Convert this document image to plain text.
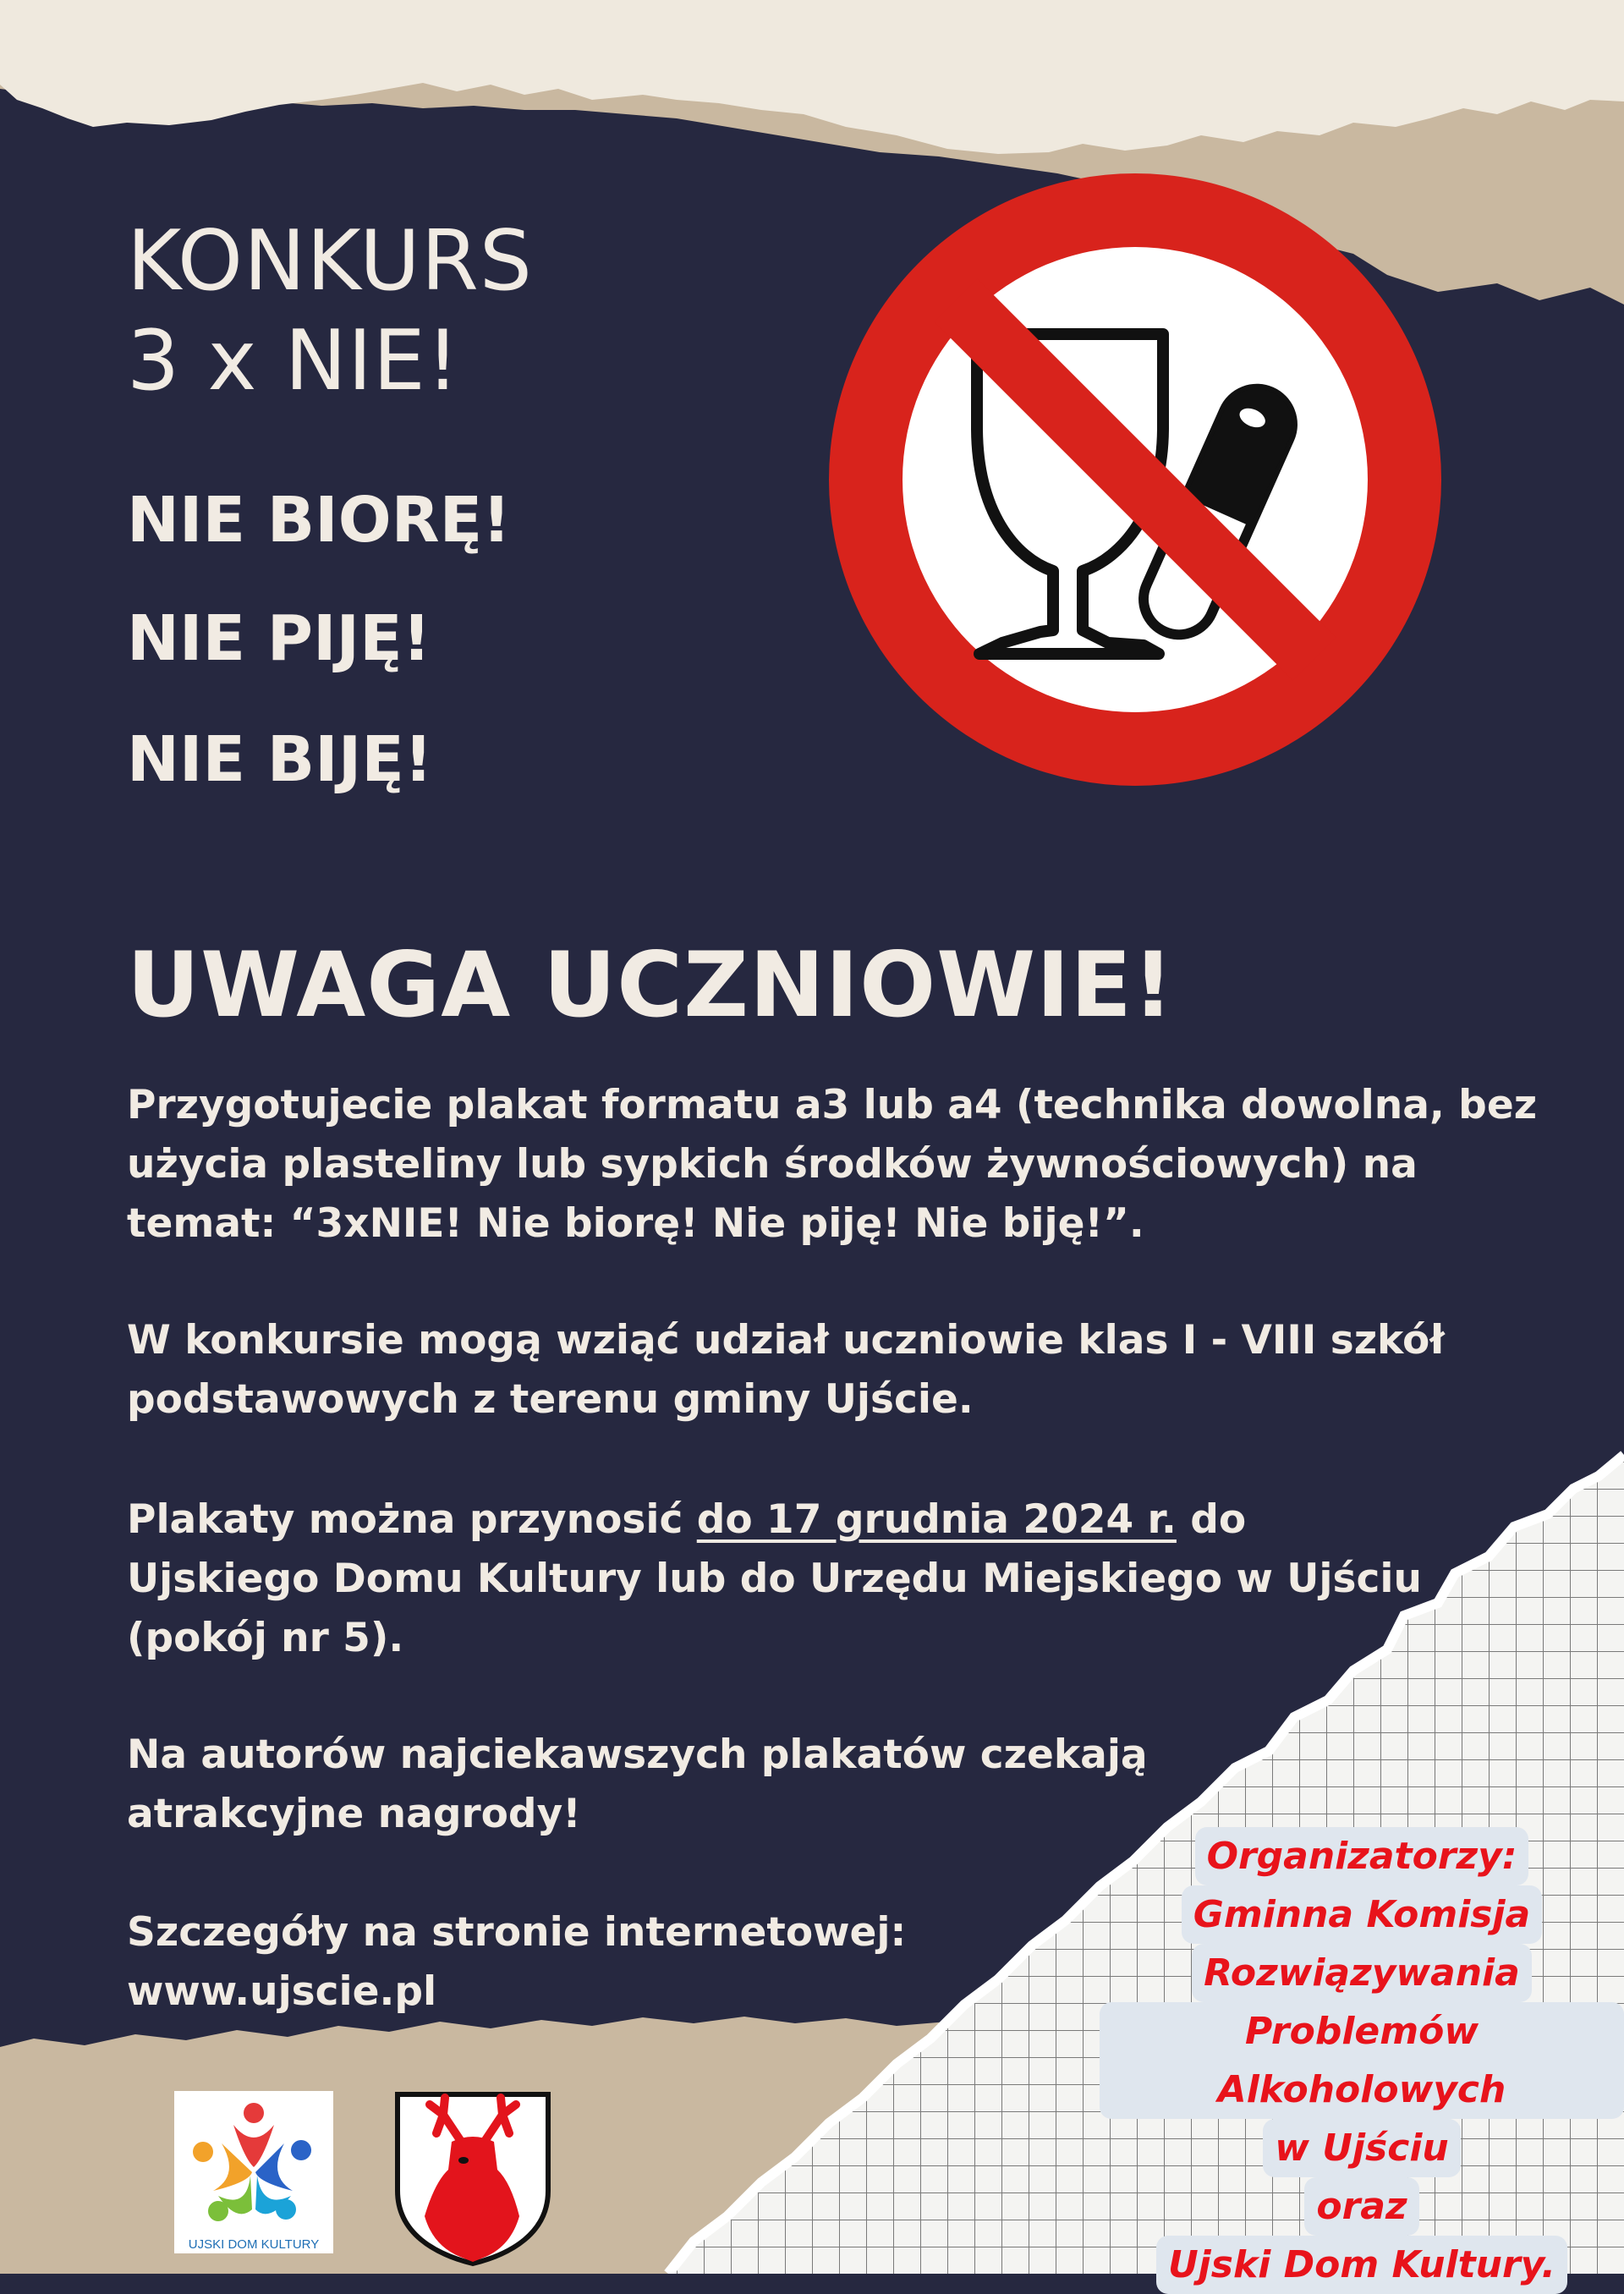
KONKURS
3 x NIE!
NIE BIORĘ!
NIE PIJĘ!
NIE BIJĘ!
UWAGA UCZNIOWIE!

Przygotujecie plakat formatu a3 lub a4 (technika dowolna, bez użycia plasteliny lub sypkich środków żywnościowych) na temat: “3xNIE! Nie biorę! Nie piję! Nie biję!”.

W konkursie mogą wziąć udział uczniowie klas I - VIII szkół podstawowych z terenu gminy Ujście.

Plakaty można przynosić do 17 grudnia 2024 r. do Ujskiego Domu Kultury lub do Urzędu Miejskiego w Ujściu (pokój nr 5).

Na autorów najciekawszych plakatów czekają atrakcyjne nagrody!

Szczegóły na stronie internetowej:
www.ujscie.pl
Organizatorzy:
Gminna Komisja
Rozwiązywania
Problemów Alkoholowych
w Ujściu
oraz
Ujski Dom Kultury.
UJSKI DOM KULTURY
